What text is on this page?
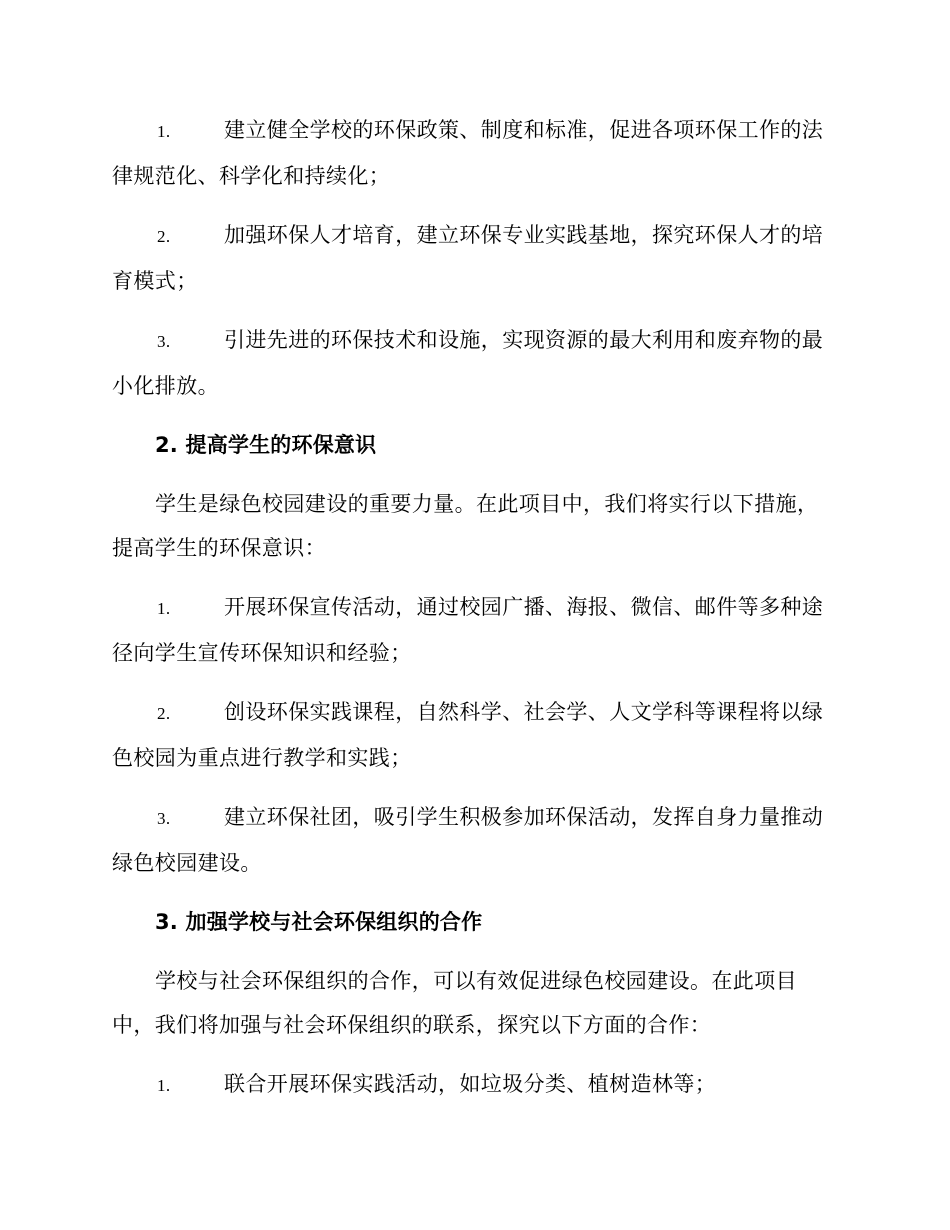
1.	建立健全学校的环保政策、制度和标准，促进各项环保工作的法律规范化、科学化和持续化；
2.	加强环保人才培育，建立环保专业实践基地，探究环保人才的培育模式；
3.	引进先进的环保技术和设施，实现资源的最大利用和废弃物的最小化排放。
2. 提高学生的环保意识
学生是绿色校园建设的重要力量。在此项目中，我们将实行以下措施，提高学生的环保意识：
1.	开展环保宣传活动，通过校园广播、海报、微信、邮件等多种途径向学生宣传环保知识和经验；
2.	创设环保实践课程，自然科学、社会学、人文学科等课程将以绿色校园为重点进行教学和实践；
3.	建立环保社团，吸引学生积极参加环保活动，发挥自身力量推动绿色校园建设。
3. 加强学校与社会环保组织的合作
学校与社会环保组织的合作，可以有效促进绿色校园建设。在此项目中，我们将加强与社会环保组织的联系，探究以下方面的合作：
1.	联合开展环保实践活动，如垃圾分类、植树造林等；
